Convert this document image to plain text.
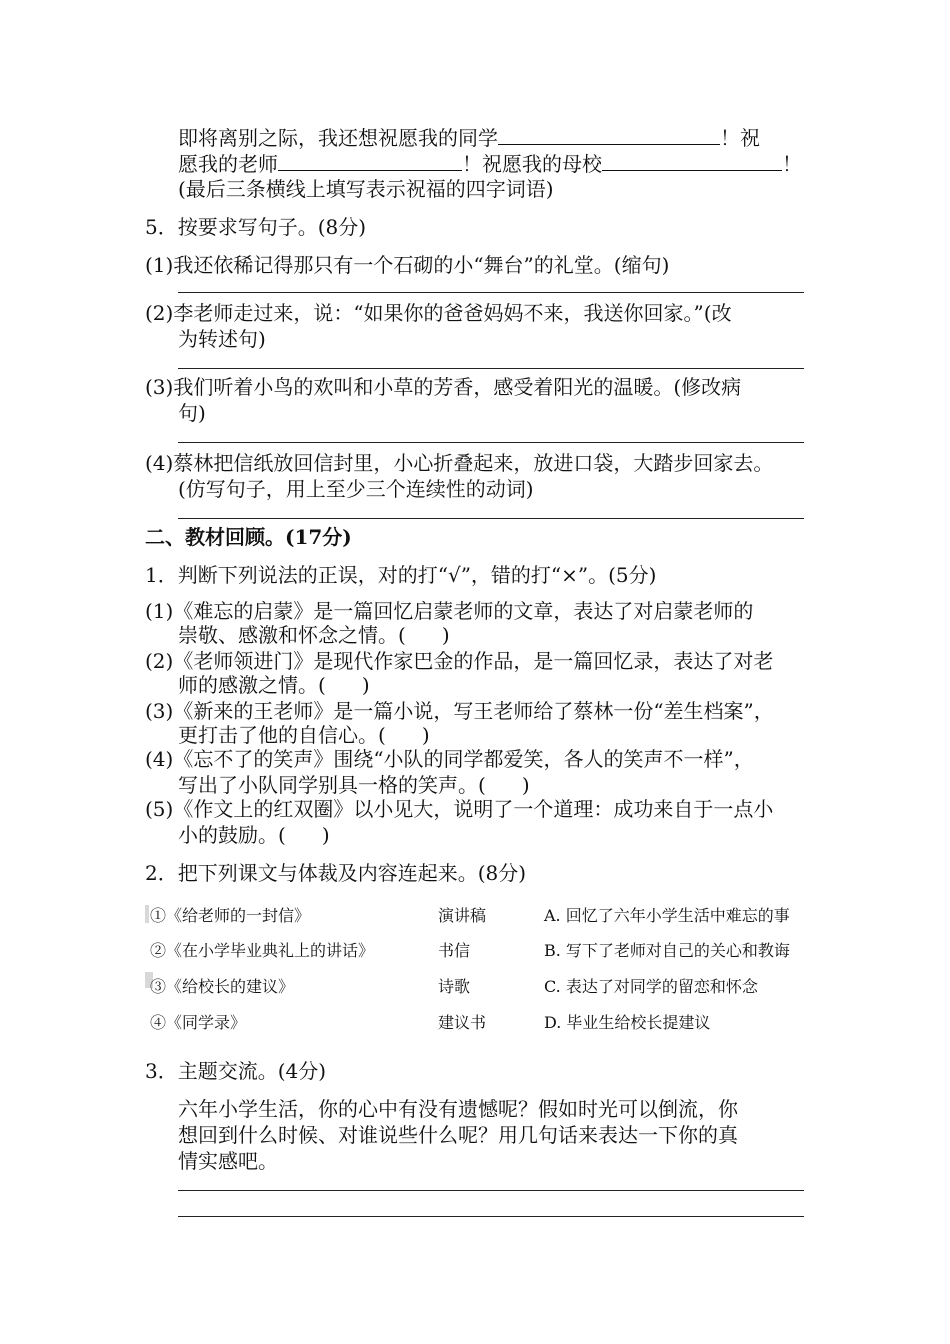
即将离别之际，我还想祝愿我的同学	！祝
愿我的老师	！祝愿我的母校	！
(最后三条横线上填写表示祝福的四字词语)
5．按要求写句子。(8分)
(1)我还依稀记得那只有一个石砌的小“舞台”的礼堂。(缩句)
(2)李老师走过来，说：“如果你的爸爸妈妈不来，我送你回家。”(改
为转述句)
(3)我们听着小鸟的欢叫和小草的芳香，感受着阳光的温暖。(修改病
句)
(4)蔡林把信纸放回信封里，小心折叠起来，放进口袋，大踏步回家去。
(仿写句子，用上至少三个连续性的动词)
二、教材回顾。(17分)
1．判断下列说法的正误，对的打“√”，错的打“×”。(5分)
(1)《难忘的启蒙》是一篇回忆启蒙老师的文章，表达了对启蒙老师的
崇敬、感激和怀念之情。( )
(2)《老师领进门》是现代作家巴金的作品，是一篇回忆录，表达了对老
师的感激之情。( )
(3)《新来的王老师》是一篇小说，写王老师给了蔡林一份“差生档案”，
更打击了他的自信心。( )
(4)《忘不了的笑声》围绕“小队的同学都爱笑，各人的笑声不一样”，
写出了小队同学别具一格的笑声。( )
(5)《作文上的红双圈》以小见大，说明了一个道理：成功来自于一点小
小的鼓励。( )
2．把下列课文与体裁及内容连起来。(8分)
①《给老师的一封信》	演讲稿	A. 回忆了六年小学生活中难忘的事
②《在小学毕业典礼上的讲话》	书信	B. 写下了老师对自己的关心和教诲
③《给校长的建议》	诗歌	C. 表达了对同学的留恋和怀念
④《同学录》	建议书	D. 毕业生给校长提建议
3．主题交流。(4分)
六年小学生活，你的心中有没有遗憾呢？假如时光可以倒流，你
想回到什么时候、对谁说些什么呢？用几句话来表达一下你的真
情实感吧。
